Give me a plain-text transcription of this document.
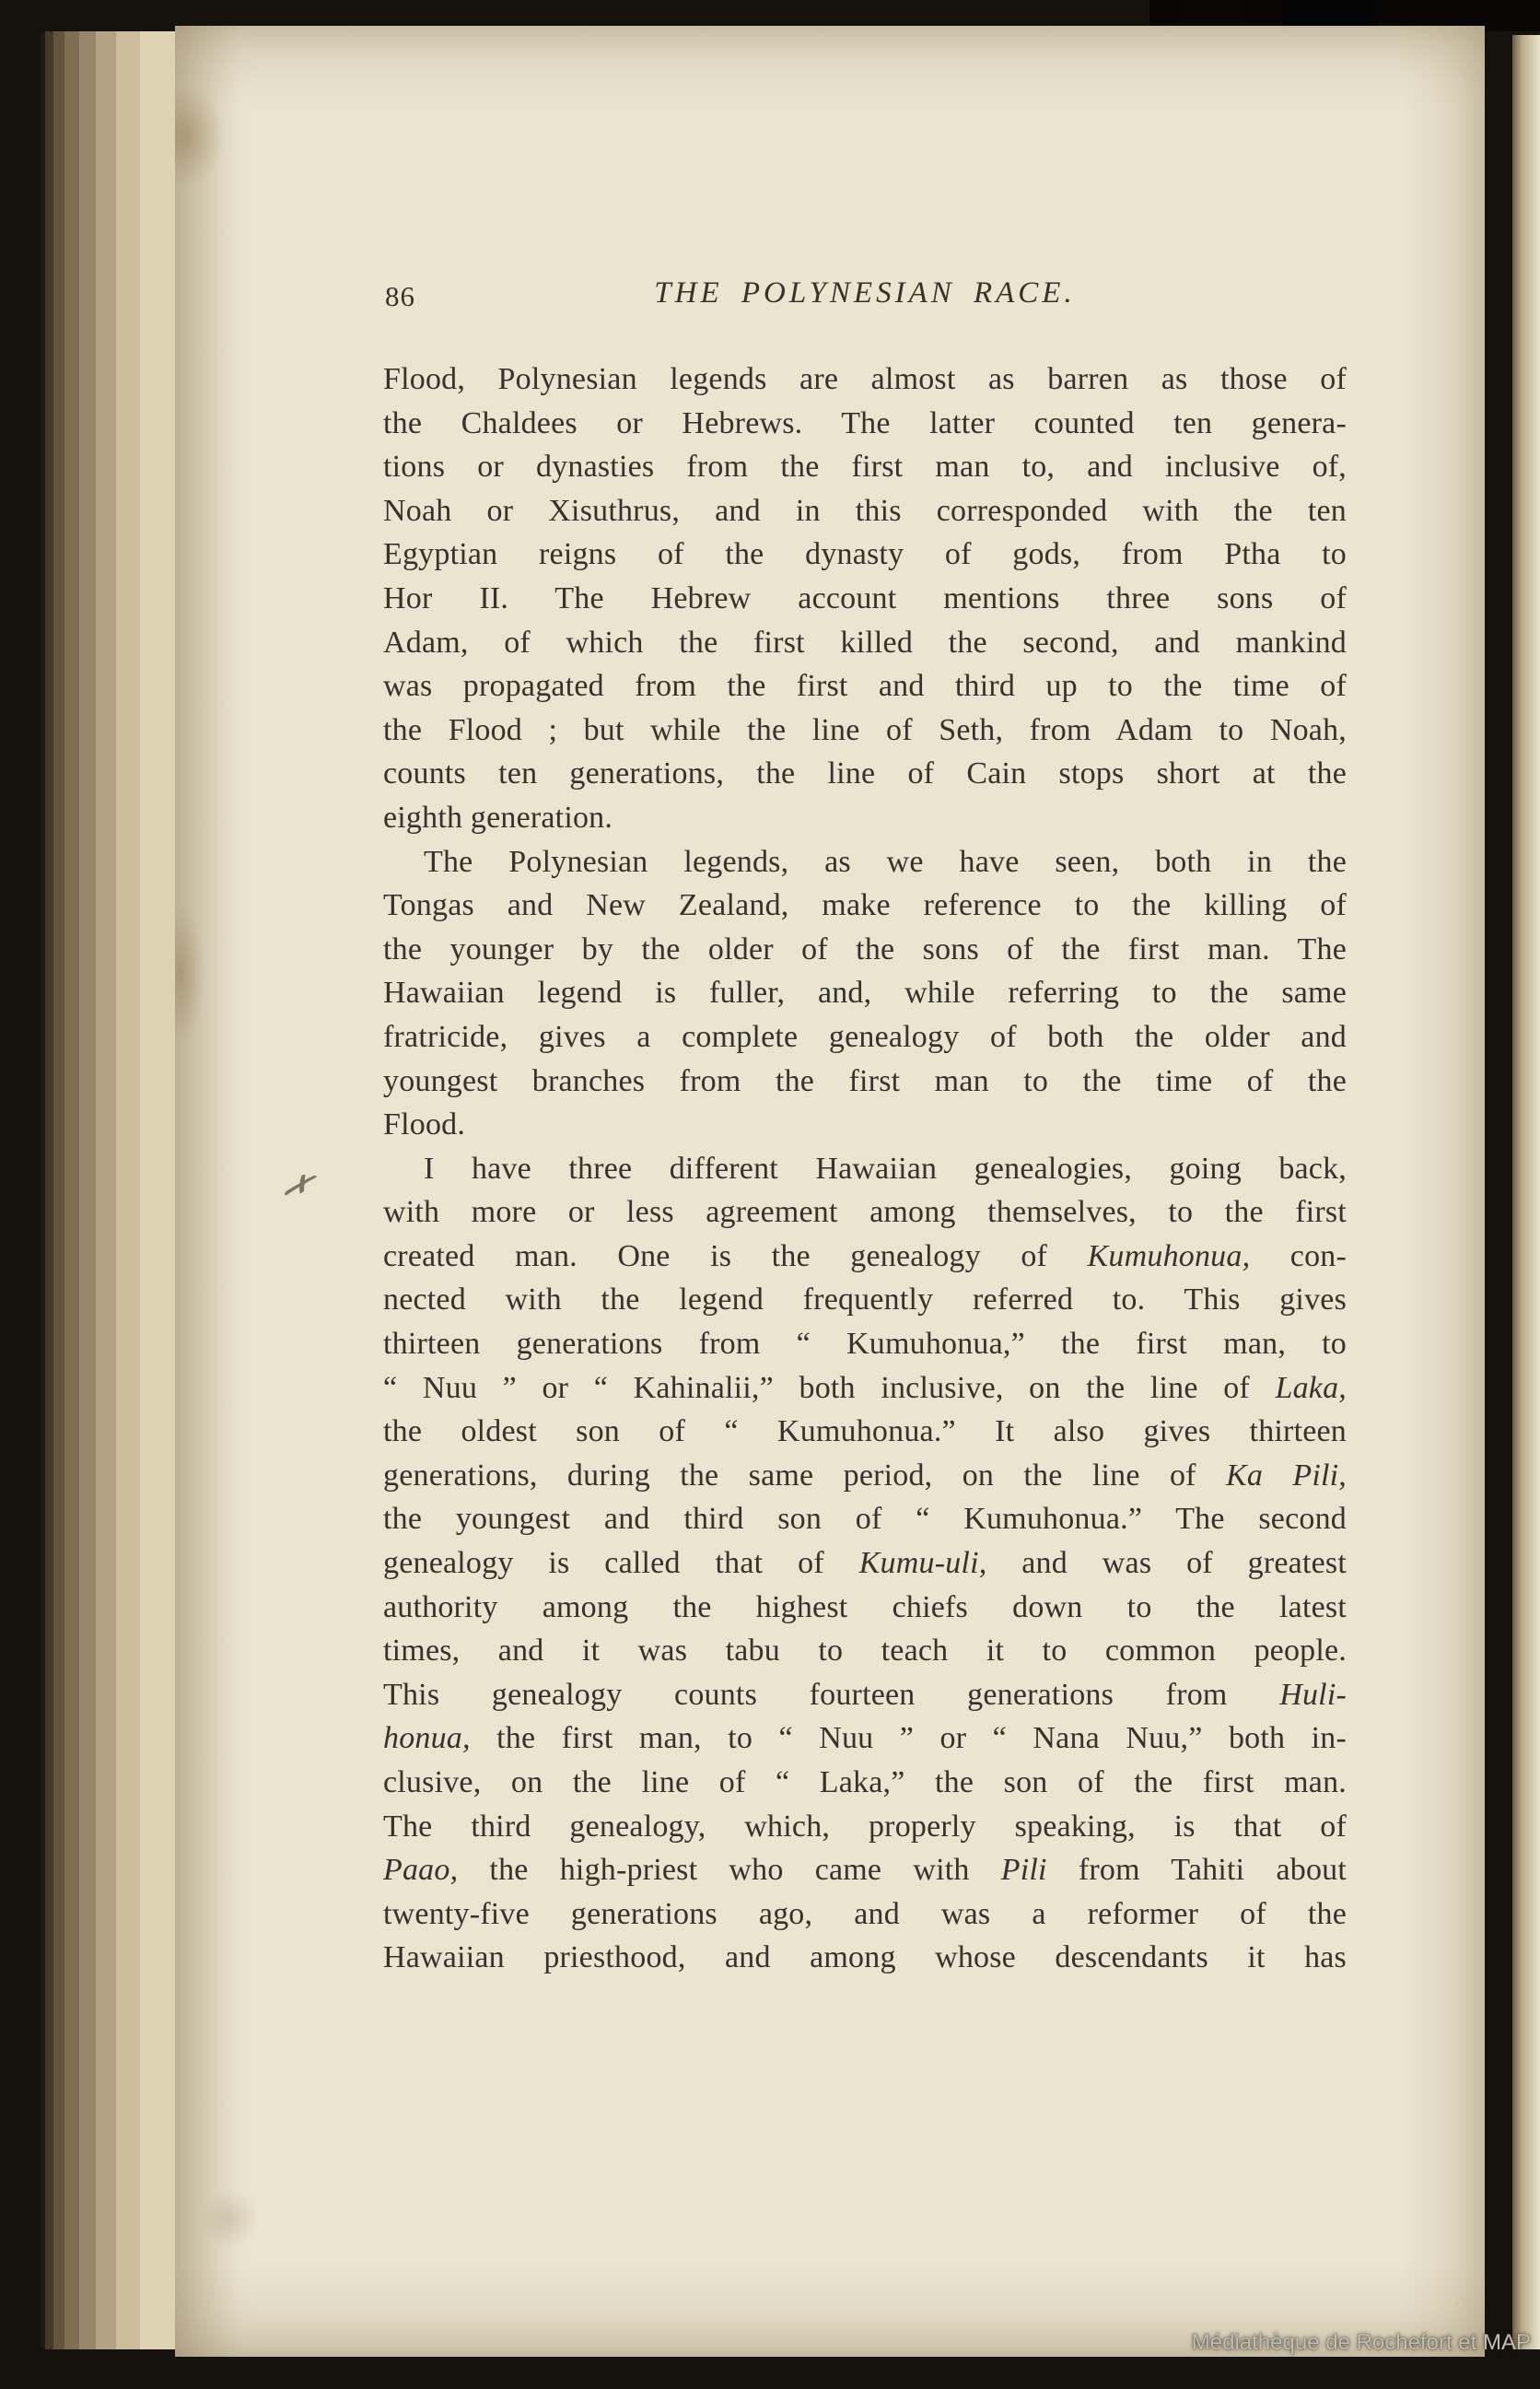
86	THE POLYNESIAN RACE.
Flood, Polynesian legends are almost as barren as those of
the Chaldees or Hebrews. The latter counted ten genera-
tions or dynasties from the first man to, and inclusive of,
Noah or Xisuthrus, and in this corresponded with the ten
Egyptian reigns of the dynasty of gods, from Ptha to
Hor II. The Hebrew account mentions three sons of
Adam, of which the first killed the second, and mankind
was propagated from the first and third up to the time of
the Flood ; but while the line of Seth, from Adam to Noah,
counts ten generations, the line of Cain stops short at the
eighth generation.
The Polynesian legends, as we have seen, both in the
Tongas and New Zealand, make reference to the killing of
the younger by the older of the sons of the first man. The
Hawaiian legend is fuller, and, while referring to the same
fratricide, gives a complete genealogy of both the older and
youngest branches from the first man to the time of the
Flood.
I have three different Hawaiian genealogies, going back,
with more or less agreement among themselves, to the first
created man. One is the genealogy of Kumuhonua, con-
nected with the legend frequently referred to. This gives
thirteen generations from “ Kumuhonua,” the first man, to
“ Nuu ” or “ Kahinalii,” both inclusive, on the line of Laka,
the oldest son of “ Kumuhonua.” It also gives thirteen
generations, during the same period, on the line of Ka Pili,
the youngest and third son of “ Kumuhonua.” The second
genealogy is called that of Kumu-uli, and was of greatest
authority among the highest chiefs down to the latest
times, and it was tabu to teach it to common people.
This genealogy counts fourteen generations from Huli-
honua, the first man, to “ Nuu ” or “ Nana Nuu,” both in-
clusive, on the line of “ Laka,” the son of the first man.
The third genealogy, which, properly speaking, is that of
Paao, the high-priest who came with Pili from Tahiti about
twenty-five generations ago, and was a reformer of the
Hawaiian priesthood, and among whose descendants it has
✗
Médiathèque de Rochefort et MAP
